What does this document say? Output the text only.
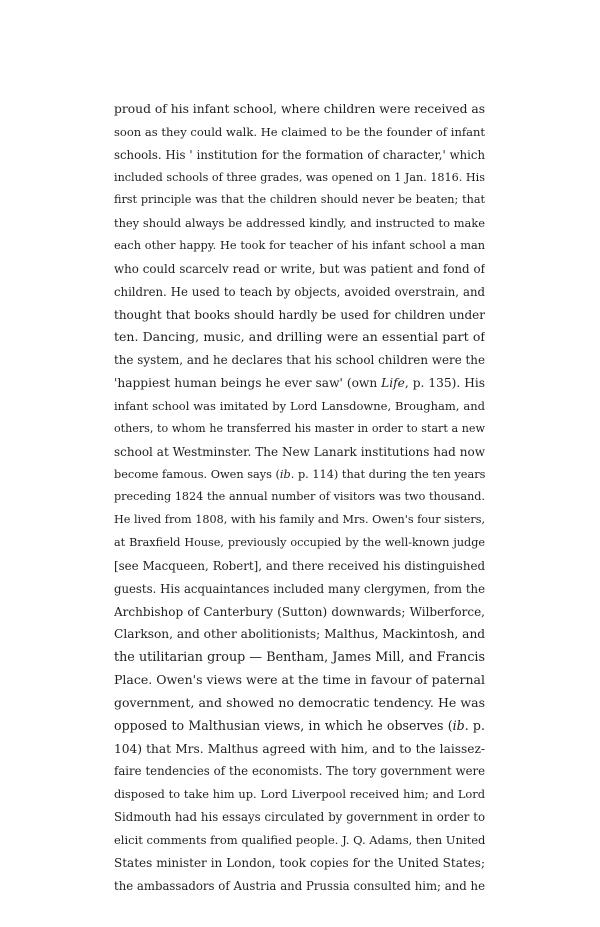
proud of his infant school, where children were received as
soon as they could walk. He claimed to be the founder of infant
schools. His ' institution for the formation of character,' which
included schools of three grades, was opened on 1 Jan. 1816. His
first principle was that the children should never be beaten; that
they should always be addressed kindly, and instructed to make
each other happy. He took for teacher of his infant school a man
who could scarcelv read or write, but was patient and fond of
children. He used to teach by objects, avoided overstrain, and
thought that books should hardly be used for children under
ten. Dancing, music, and drilling were an essential part of
the system, and he declares that his school children were the
'happiest human beings he ever saw' (own Life, p. 135). His
infant school was imitated by Lord Lansdowne, Brougham, and
others, to whom he transferred his master in order to start a new
school at Westminster. The New Lanark institutions had now
become famous. Owen says (ib. p. 114) that during the ten years
preceding 1824 the annual number of visitors was two thousand.
He lived from 1808, with his family and Mrs. Owen's four sisters,
at Braxfield House, previously occupied by the well-known judge
[see Macqueen, Robert], and there received his distinguished
guests. His acquaintances included many clergymen, from the
Archbishop of Canterbury (Sutton) downwards; Wilberforce,
Clarkson, and other abolitionists; Malthus, Mackintosh, and
the utilitarian group — Bentham, James Mill, and Francis
Place. Owen's views were at the time in favour of paternal
government, and showed no democratic tendency. He was
opposed to Malthusian views, in which he observes (ib. p.
104) that Mrs. Malthus agreed with him, and to the laissez-
faire tendencies of the economists. The tory government were
disposed to take him up. Lord Liverpool received him; and Lord
Sidmouth had his essays circulated by government in order to
elicit comments from qualified people. J. Q. Adams, then United
States minister in London, took copies for the United States;
the ambassadors of Austria and Prussia consulted him; and he
